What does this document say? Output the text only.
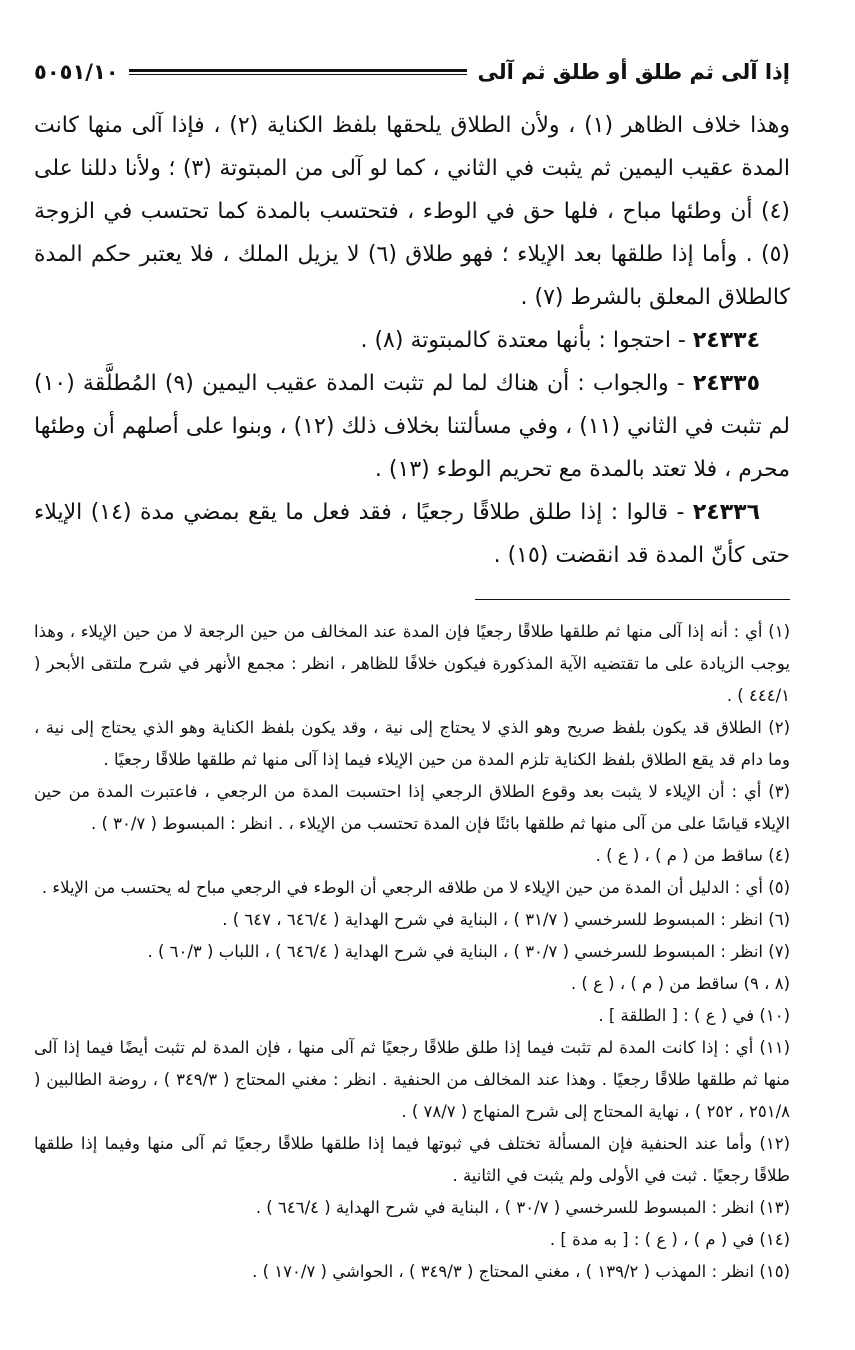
إذا آلى ثم طلق أو طلق ثم آلى
٥٠٥١/١٠

وهذا خلاف الظاهر (١) ، ولأن الطلاق يلحقها بلفظ الكناية (٢) ، فإذا آلى منها كانت المدة عقيب اليمين ثم يثبت في الثاني ، كما لو آلى من المبتوتة (٣) ؛ ولأنا دللنا على (٤) أن وطئها مباح ، فلها حق في الوطء ، فتحتسب بالمدة كما تحتسب في الزوجة (٥) . وأما إذا طلقها بعد الإيلاء ؛ فهو طلاق (٦) لا يزيل الملك ، فلا يعتبر حكم المدة كالطلاق المعلق بالشرط (٧) .

٢٤٣٣٤ - احتجوا : بأنها معتدة كالمبتوتة (٨) .

٢٤٣٣٥ - والجواب : أن هناك لما لم تثبت المدة عقيب اليمين (٩) المُطلَّقة (١٠) لم تثبت في الثاني (١١) ، وفي مسألتنا بخلاف ذلك (١٢) ، وبنوا على أصلهم أن وطئها محرم ، فلا تعتد بالمدة مع تحريم الوطء (١٣) .

٢٤٣٣٦ - قالوا : إذا طلق طلاقًا رجعيًا ، فقد فعل ما يقع بمضي مدة (١٤) الإيلاء حتى كأنّ المدة قد انقضت (١٥) .

(١) أي : أنه إذا آلى منها ثم طلقها طلاقًا رجعيًا فإن المدة عند المخالف من حين الرجعة لا من حين الإيلاء ، وهذا يوجب الزيادة على ما تقتضيه الآية المذكورة فيكون خلافًا للظاهر ، انظر : مجمع الأنهر في شرح ملتقى الأبحر ( ٤٤٤/١ ) .

(٢) الطلاق قد يكون بلفظ صريح وهو الذي لا يحتاج إلى نية ، وقد يكون بلفظ الكناية وهو الذي يحتاج إلى نية ، وما دام قد يقع الطلاق بلفظ الكناية تلزم المدة من حين الإيلاء فيما إذا آلى منها ثم طلقها طلاقًا رجعيًا .

(٣) أي : أن الإيلاء لا يثبت بعد وقوع الطلاق الرجعي إذا احتسبت المدة من الرجعي ، فاعتبرت المدة من حين الإيلاء قياسًا على من آلى منها ثم طلقها بائنًا فإن المدة تحتسب من الإيلاء ، . انظر : المبسوط ( ٣٠/٧ ) .

(٤) ساقط من ( م ) ، ( ع ) .

(٥) أي : الدليل أن المدة من حين الإيلاء لا من طلاقه الرجعي أن الوطء في الرجعي مباح له يحتسب من الإيلاء .

(٦) انظر : المبسوط للسرخسي ( ٣١/٧ ) ، البناية في شرح الهداية ( ٦٤٦/٤ ، ٦٤٧ ) .

(٧) انظر : المبسوط للسرخسي ( ٣٠/٧ ) ، البناية في شرح الهداية ( ٦٤٦/٤ ) ، اللباب ( ٦٠/٣ ) .

(٨ ، ٩) ساقط من ( م ) ، ( ع ) .

(١٠) في ( ع ) : [ الطلقة ] .

(١١) أي : إذا كانت المدة لم تثبت فيما إذا طلق طلاقًا رجعيًا ثم آلى منها ، فإن المدة لم تثبت أيضًا فيما إذا آلى منها ثم طلقها طلاقًا رجعيًا . وهذا عند المخالف من الحنفية . انظر : مغني المحتاج ( ٣٤٩/٣ ) ، روضة الطالبين ( ٢٥١/٨ ، ٢٥٢ ) ، نهاية المحتاج إلى شرح المنهاج ( ٧٨/٧ ) .

(١٢) وأما عند الحنفية فإن المسألة تختلف في ثبوتها فيما إذا طلقها طلاقًا رجعيًا ثم آلى منها وفيما إذا طلقها طلاقًا رجعيًا . ثبت في الأولى ولم يثبت في الثانية .

(١٣) انظر : المبسوط للسرخسي ( ٣٠/٧ ) ، البناية في شرح الهداية ( ٦٤٦/٤ ) .

(١٤) في ( م ) ، ( ع ) : [ به مدة ] .

(١٥) انظر : المهذب ( ١٣٩/٢ ) ، مغني المحتاج ( ٣٤٩/٣ ) ، الحواشي ( ١٧٠/٧ ) .
